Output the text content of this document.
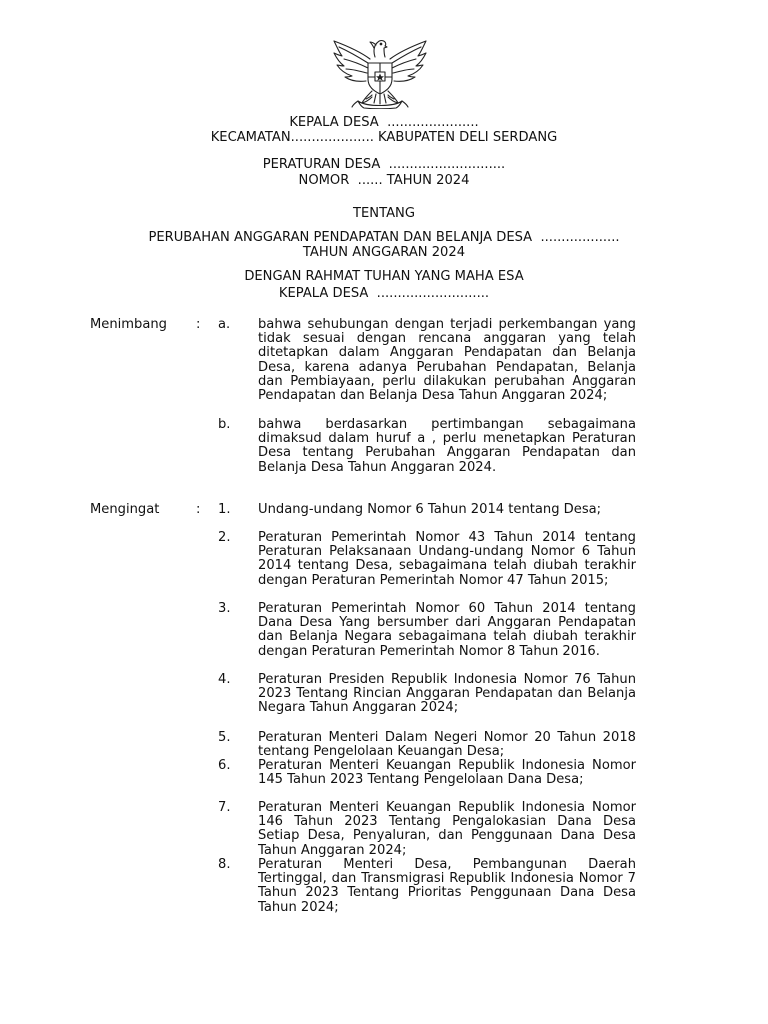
KEPALA DESA  ......................
KECAMATAN.................... KABUPATEN DELI SERDANG
PERATURAN DESA  ............................
NOMOR  ...... TAHUN 2024
TENTANG
PERUBAHAN ANGGARAN PENDAPATAN DAN BELANJA DESA  ...................
TAHUN ANGGARAN 2024
DENGAN RAHMAT TUHAN YANG MAHA ESA
KEPALA DESA  ...........................
Menimbang : a. bahwa sehubungan dengan terjadi perkembangan yang tidak sesuai dengan rencana anggaran yang telah ditetapkan dalam Anggaran Pendapatan dan Belanja Desa, karena adanya Perubahan Pendapatan, Belanja dan Pembiayaan, perlu dilakukan perubahan Anggaran Pendapatan dan Belanja Desa Tahun Anggaran 2024;
b. bahwa berdasarkan pertimbangan sebagaimana dimaksud dalam huruf a , perlu menetapkan Peraturan Desa tentang Perubahan Anggaran Pendapatan dan Belanja Desa Tahun Anggaran 2024.
Mengingat	: 1. Undang-undang Nomor 6 Tahun 2014 tentang Desa;
2. Peraturan Pemerintah Nomor 43 Tahun 2014 tentang Peraturan Pelaksanaan Undang-undang Nomor 6 Tahun 2014 tentang Desa, sebagaimana telah diubah terakhir dengan Peraturan Pemerintah Nomor 47 Tahun 2015;
3. Peraturan Pemerintah Nomor 60 Tahun 2014 tentang Dana Desa Yang bersumber dari Anggaran Pendapatan dan Belanja Negara sebagaimana telah diubah terakhir dengan Peraturan Pemerintah Nomor 8 Tahun 2016.
4. Peraturan Presiden Republik Indonesia Nomor 76 Tahun 2023 Tentang Rincian Anggaran Pendapatan dan Belanja Negara Tahun Anggaran 2024;
5. Peraturan Menteri Dalam Negeri Nomor 20 Tahun 2018 tentang Pengelolaan Keuangan Desa;
6. Peraturan Menteri Keuangan Republik Indonesia Nomor 145 Tahun 2023 Tentang Pengelolaan Dana Desa;
7. Peraturan Menteri Keuangan Republik Indonesia Nomor 146 Tahun 2023 Tentang Pengalokasian Dana Desa Setiap Desa, Penyaluran, dan Penggunaan Dana Desa Tahun Anggaran 2024;
8. Peraturan Menteri Desa, Pembangunan Daerah Tertinggal, dan Transmigrasi Republik Indonesia Nomor 7 Tahun 2023 Tentang Prioritas Penggunaan Dana Desa Tahun 2024;
